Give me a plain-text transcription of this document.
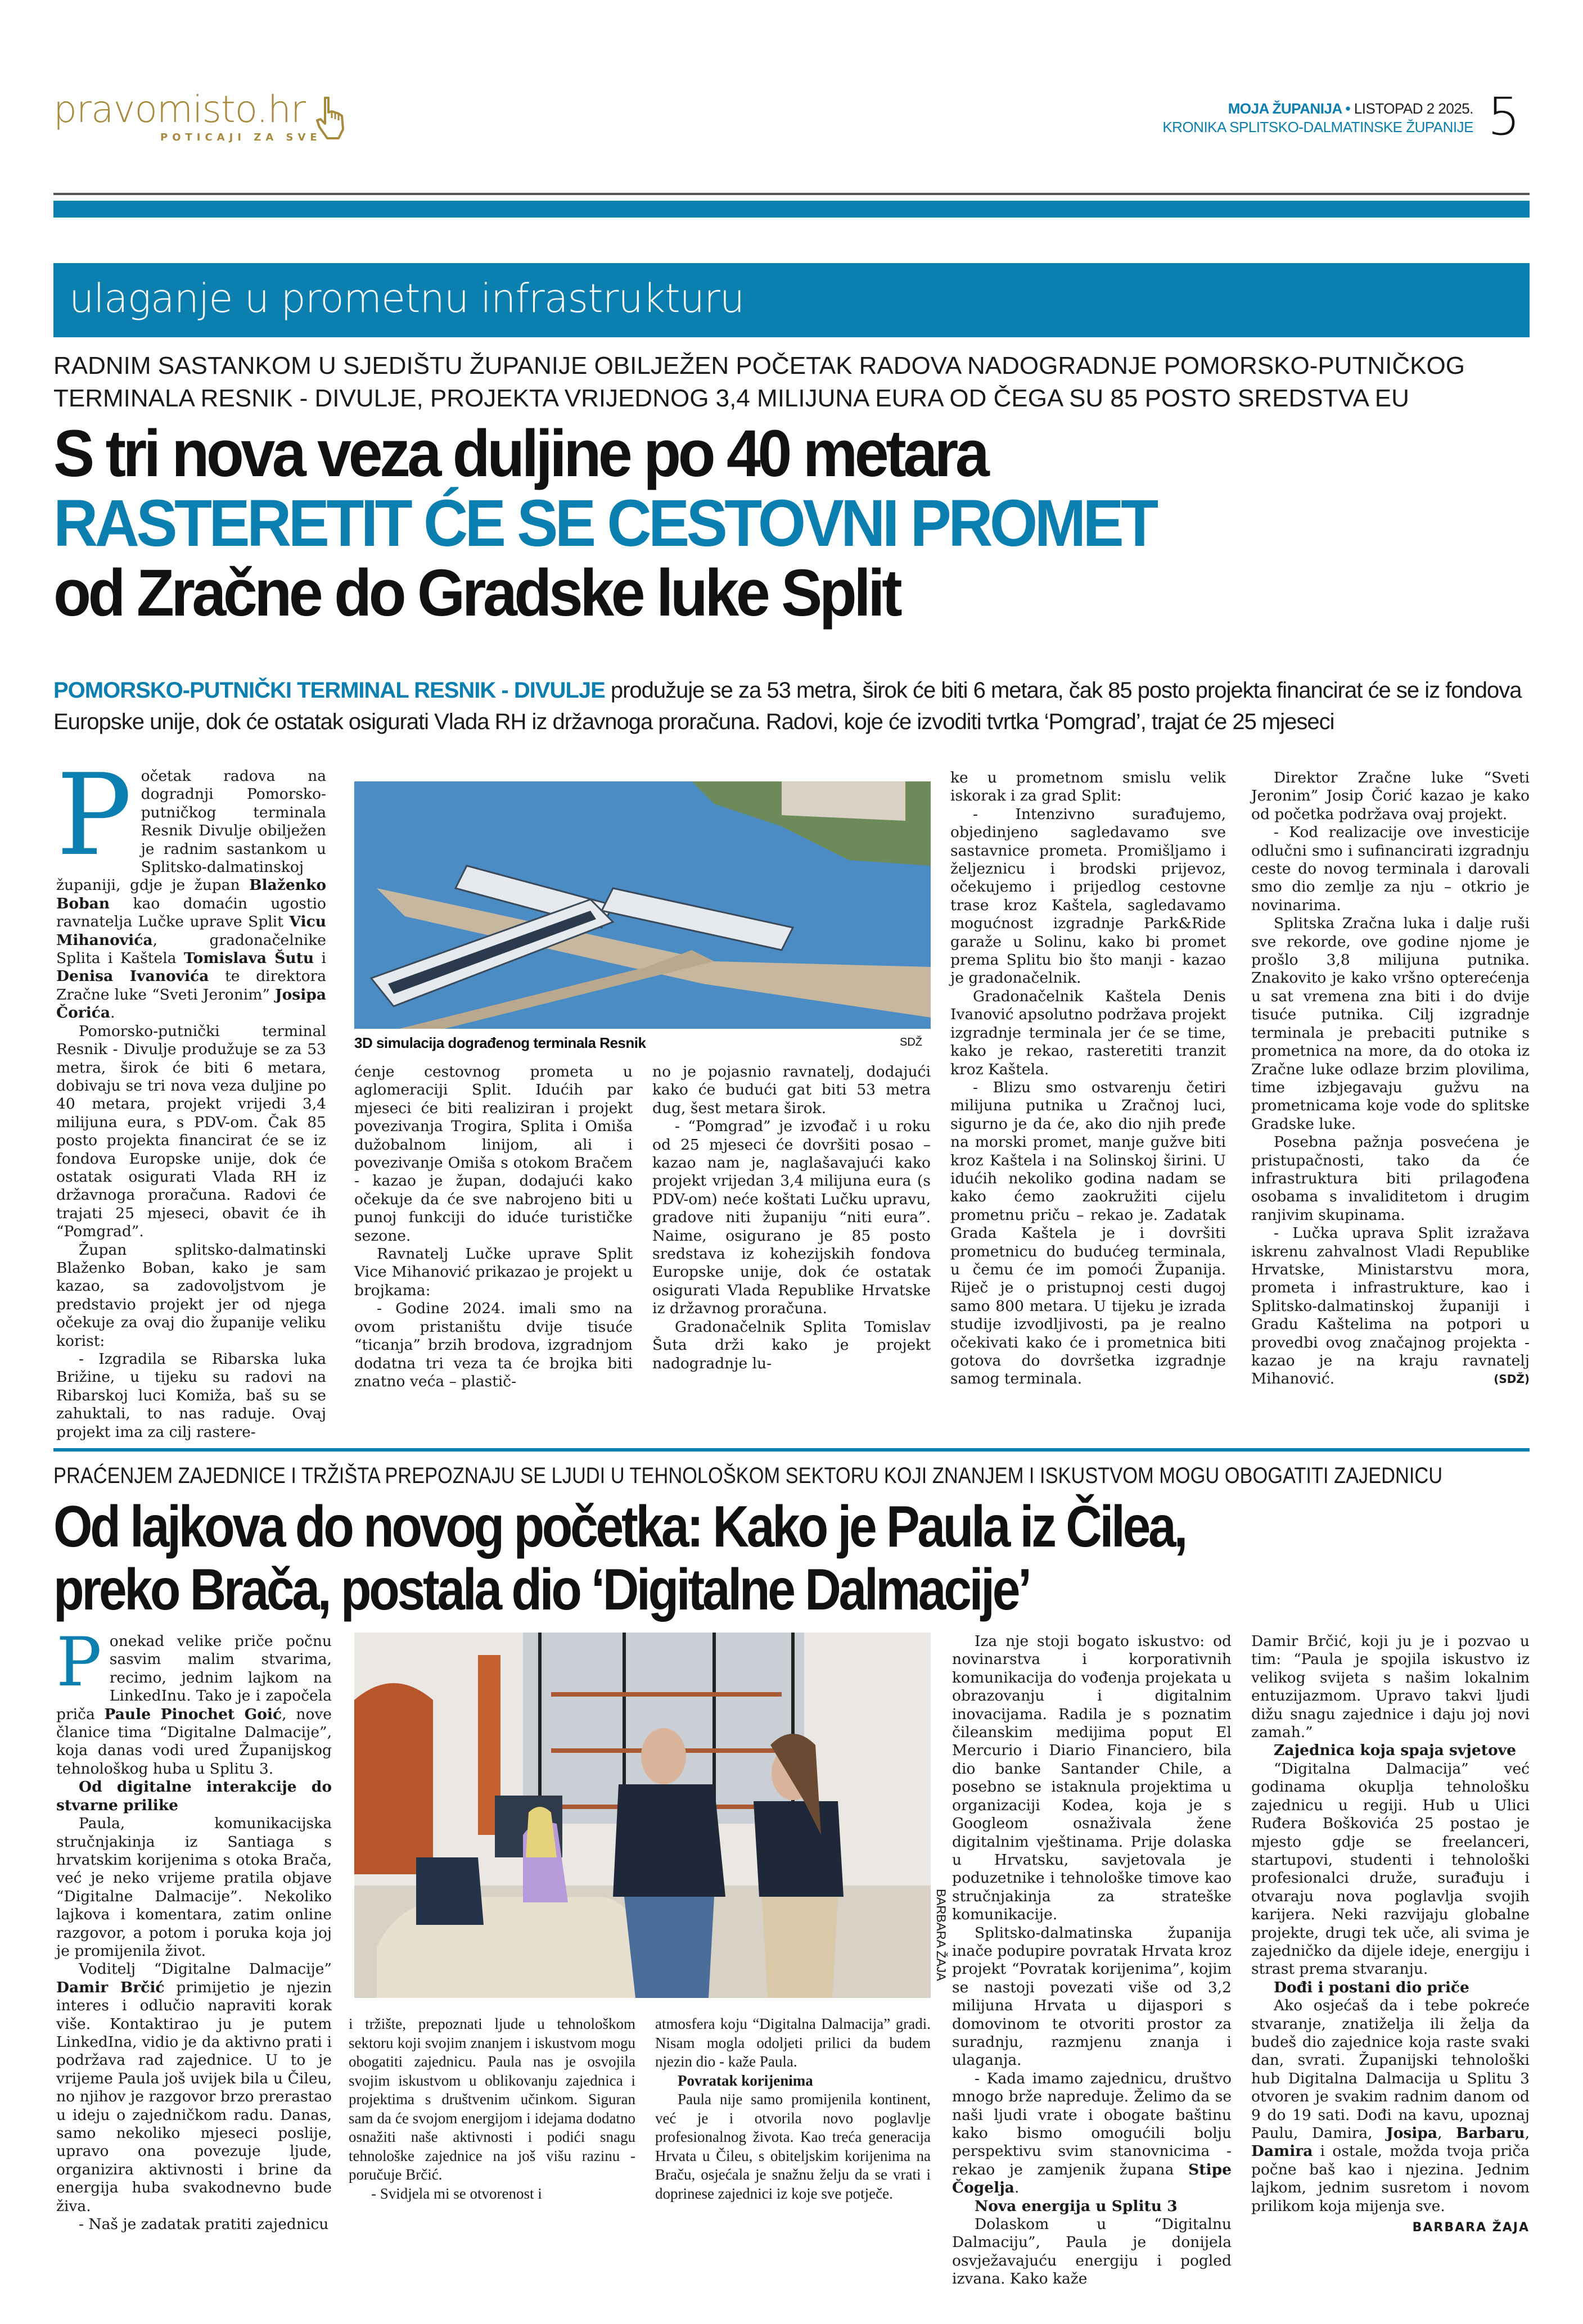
pravomisto.hr
POTICAJI ZA SVE
MOJA ŽUPANIJA • LISTOPAD 2 2025.
KRONIKA SPLITSKO-DALMATINSKE ŽUPANIJE 5
ulaganje u prometnu infrastrukturu
RADNIM SASTANKOM U SJEDIŠTU ŽUPANIJE OBILJEŽEN POČETAK RADOVA NADOGRADNJE POMORSKO-PUTNIČKOG TERMINALA RESNIK - DIVULJE, PROJEKTA VRIJEDNOG 3,4 MILIJUNA EURA OD ČEGA SU 85 POSTO SREDSTVA EU
S tri nova veza duljine po 40 metara
RASTERETIT ĆE SE CESTOVNI PROMET
od Zračne do Gradske luke Split
POMORSKO-PUTNIČKI TERMINAL RESNIK - DIVULJE produžuje se za 53 metra, širok će biti 6 metara, čak 85 posto projekta financirat će se iz fondova Europske unije, dok će ostatak osigurati Vlada RH iz državnoga proračuna. Radovi, koje će izvoditi tvrtka ‘Pomgrad’, trajat će 25 mjeseci
P očetak radova na dogradnji Pomorsko-putničkog terminala Resnik Divulje obilježen je radnim sastankom u Splitsko-dalmatinskoj županiji, gdje je župan Blaženko Boban kao domaćin ugostio ravnatelja Lučke uprave Split Vicu Mihanovića, gradonačelnike Splita i Kaštela Tomislava Šutu i Denisa Ivanovića te direktora Zračne luke “Sveti Jeronim” Josipa Čorića.

Pomorsko-putnički terminal Resnik - Divulje produžuje se za 53 metra, širok će biti 6 metara, dobivaju se tri nova veza duljine po 40 metara, projekt vrijedi 3,4 milijuna eura, s PDV-om. Čak 85 posto projekta financirat će se iz fondova Europske unije, dok će ostatak osigurati Vlada RH iz državnoga proračuna. Radovi će trajati 25 mjeseci, obavit će ih “Pomgrad”.

Župan splitsko-dalmatinski Blaženko Boban, kako je sam kazao, sa zadovoljstvom je predstavio projekt jer od njega očekuje za ovaj dio županije veliku korist:

- Izgradila se Ribarska luka Brižine, u tijeku su radovi na Ribarskoj luci Komiža, baš su se zahuktali, to nas raduje. Ovaj projekt ima za cilj rastere-

3D simulacija dograđenog terminala Resnik	SDŽ

ćenje cestovnog prometa u aglomeraciji Split. Idućih par mjeseci će biti realiziran i projekt povezivanja Trogira, Splita i Omiša dužobalnom linijom, ali i povezivanje Omiša s otokom Bračem - kazao je župan, dodajući kako očekuje da će sve nabrojeno biti u punoj funkciji do iduće turističke sezone.

Ravnatelj Lučke uprave Split Vice Mihanović prikazao je projekt u brojkama:

- Godine 2024. imali smo na ovom pristaništu dvije tisuće “ticanja” brzih brodova, izgradnjom dodatna tri veza ta će brojka biti znatno veća – plastič-

no je pojasnio ravnatelj, dodajući kako će budući gat biti 53 metra dug, šest metara širok.

- “Pomgrad” je izvođač i u roku od 25 mjeseci će dovršiti posao – kazao nam je, naglašavajući kako projekt vrijedan 3,4 milijuna eura (s PDV-om) neće koštati Lučku upravu, gradove niti županiju “niti eura”. Naime, osigurano je 85 posto sredstava iz kohezijskih fondova Europske unije, dok će ostatak osigurati Vlada Republike Hrvatske iz državnog proračuna.

Gradonačelnik Splita Tomislav Šuta drži kako je projekt nadogradnje lu-

ke u prometnom smislu velik iskorak i za grad Split:

- Intenzivno surađujemo, objedinjeno sagledavamo sve sastavnice prometa. Promišljamo i željeznicu i brodski prijevoz, očekujemo i prijedlog cestovne trase kroz Kaštela, sagledavamo mogućnost izgradnje Park&Ride garaže u Solinu, kako bi promet prema Splitu bio što manji - kazao je gradonačelnik.

Gradonačelnik Kaštela Denis Ivanović apsolutno podržava projekt izgradnje terminala jer će se time, kako je rekao, rasteretiti tranzit kroz Kaštela.

- Blizu smo ostvarenju četiri milijuna putnika u Zračnoj luci, sigurno je da će, ako dio njih pređe na morski promet, manje gužve biti kroz Kaštela i na Solinskoj širini. U idućih nekoliko godina nadam se kako ćemo zaokružiti cijelu prometnu priču – rekao je. Zadatak Grada Kaštela je i dovršiti prometnicu do budućeg terminala, u čemu će im pomoći Županija. Riječ je o pristupnoj cesti dugoj samo 800 metara. U tijeku je izrada studije izvodljivosti, pa je realno očekivati kako će i prometnica biti gotova do dovršetka izgradnje samog terminala.

Direktor Zračne luke “Sveti Jeronim” Josip Čorić kazao je kako od početka podržava ovaj projekt.

- Kod realizacije ove investicije odlučni smo i sufinancirati izgradnju ceste do novog terminala i darovali smo dio zemlje za nju – otkrio je novinarima.

Splitska Zračna luka i dalje ruši sve rekorde, ove godine njome je prošlo 3,8 milijuna putnika. Znakovito je kako vršno opterećenja u sat vremena zna biti i do dvije tisuće putnika. Cilj izgradnje terminala je prebaciti putnike s prometnica na more, da do otoka iz Zračne luke odlaze brzim plovilima, time izbjegavaju gužvu na prometnicama koje vode do splitske Gradske luke.

Posebna pažnja posvećena je pristupačnosti, tako da će infrastruktura biti prilagođena osobama s invaliditetom i drugim ranjivim skupinama.

- Lučka uprava Split izražava iskrenu zahvalnost Vladi Republike Hrvatske, Ministarstvu mora, prometa i infrastrukture, kao i Splitsko-dalmatinskoj županiji i Gradu Kaštelima na potpori u provedbi ovog značajnog projekta - kazao je na kraju ravnatelj Mihanović.	(SDŽ)

PRAĆENJEM ZAJEDNICE I TRŽIŠTA PREPOZNAJU SE LJUDI U TEHNOLOŠKOM SEKTORU KOJI ZNANJEM I ISKUSTVOM MOGU OBOGATITI ZAJEDNICU
Od lajkova do novog početka: Kako je Paula iz Čilea,
preko Brača, postala dio ‘Digitalne Dalmacije’
P onekad velike priče počnu sasvim malim stvarima, recimo, jednim lajkom na LinkedInu. Tako je i započela priča Paule Pinochet Goić, nove članice tima “Digitalne Dalmacije”, koja danas vodi ured Županijskog tehnološkog huba u Splitu 3.

Od digitalne interakcije do stvarne prilike

Paula, komunikacijska stručnjakinja iz Santiaga s hrvatskim korijenima s otoka Brača, već je neko vrijeme pratila objave “Digitalne Dalmacije”. Nekoliko lajkova i komentara, zatim online razgovor, a potom i poruka koja joj je promijenila život.

Voditelj “Digitalne Dalmacije” Damir Brčić primijetio je njezin interes i odlučio napraviti korak više. Kontaktirao ju je putem LinkedIna, vidio je da aktivno prati i podržava rad zajednice. U to je vrijeme Paula još uvijek bila u Čileu, no njihov je razgovor brzo prerastao u ideju o zajedničkom radu. Danas, samo nekoliko mjeseci poslije, upravo ona povezuje ljude, organizira aktivnosti i brine da energija huba svakodnevno bude živa.

- Naš je zadatak pratiti zajednicu

BARBARA ŽAJA

i tržište, prepoznati ljude u tehnološkom sektoru koji svojim znanjem i iskustvom mogu obogatiti zajednicu. Paula nas je osvojila svojim iskustvom u oblikovanju zajednica i projektima s društvenim učinkom. Siguran sam da će svojom energijom i idejama dodatno osnažiti naše aktivnosti i podići snagu tehnološke zajednice na još višu razinu - poručuje Brčić.

- Svidjela mi se otvorenost i

atmosfera koju “Digitalna Dalmacija” gradi. Nisam mogla odoljeti prilici da budem njezin dio - kaže Paula.

Povratak korijenima

Paula nije samo promijenila kontinent, već je i otvorila novo poglavlje profesionalnog života. Kao treća generacija Hrvata u Čileu, s obiteljskim korijenima na Braču, osjećala je snažnu želju da se vrati i doprinese zajednici iz koje sve potječe.

Iza nje stoji bogato iskustvo: od novinarstva i korporativnih komunikacija do vođenja projekata u obrazovanju i digitalnim inovacijama. Radila je s poznatim čileanskim medijima poput El Mercurio i Diario Financiero, bila dio banke Santander Chile, a posebno se istaknula projektima u organizaciji Kodea, koja je s Googleom osnaživala žene digitalnim vještinama. Prije dolaska u Hrvatsku, savjetovala je poduzetnike i tehnološke timove kao stručnjakinja za strateške komunikacije.

Splitsko-dalmatinska županija inače podupire povratak Hrvata kroz projekt “Povratak korijenima”, kojim se nastoji povezati više od 3,2 milijuna Hrvata u dijaspori s domovinom te otvoriti prostor za suradnju, razmjenu znanja i ulaganja.

- Kada imamo zajednicu, društvo mnogo brže napreduje. Želimo da se naši ljudi vrate i obogate baštinu kako bismo omogućili bolju perspektivu svim stanovnicima - rekao je zamjenik župana Stipe Čogelja.

Nova energija u Splitu 3

Dolaskom u “Digitalnu Dalmaciju”, Paula je donijela osvježavajuću energiju i pogled izvana. Kako kaže

Damir Brčić, koji ju je i pozvao u tim: “Paula je spojila iskustvo iz velikog svijeta s našim lokalnim entuzijazmom. Upravo takvi ljudi dižu snagu zajednice i daju joj novi zamah.”

Zajednica koja spaja svjetove

“Digitalna Dalmacija” već godinama okuplja tehnološku zajednicu u regiji. Hub u Ulici Ruđera Boškovića 25 postao je mjesto gdje se freelanceri, startupovi, studenti i tehnološki profesionalci druže, surađuju i otvaraju nova poglavlja svojih karijera. Neki razvijaju globalne projekte, drugi tek uče, ali svima je zajedničko da dijele ideje, energiju i strast prema stvaranju.

Dođi i postani dio priče

Ako osjećaš da i tebe pokreće stvaranje, znatiželja ili želja da budeš dio zajednice koja raste svaki dan, svrati. Županijski tehnološki hub Digitalna Dalmacija u Splitu 3 otvoren je svakim radnim danom od 9 do 19 sati. Dođi na kavu, upoznaj Paulu, Damira, Josipa, Barbaru, Damira i ostale, možda tvoja priča počne baš kao i njezina. Jednim lajkom, jednim susretom i novom prilikom koja mijenja sve.

BARBARA ŽAJA
